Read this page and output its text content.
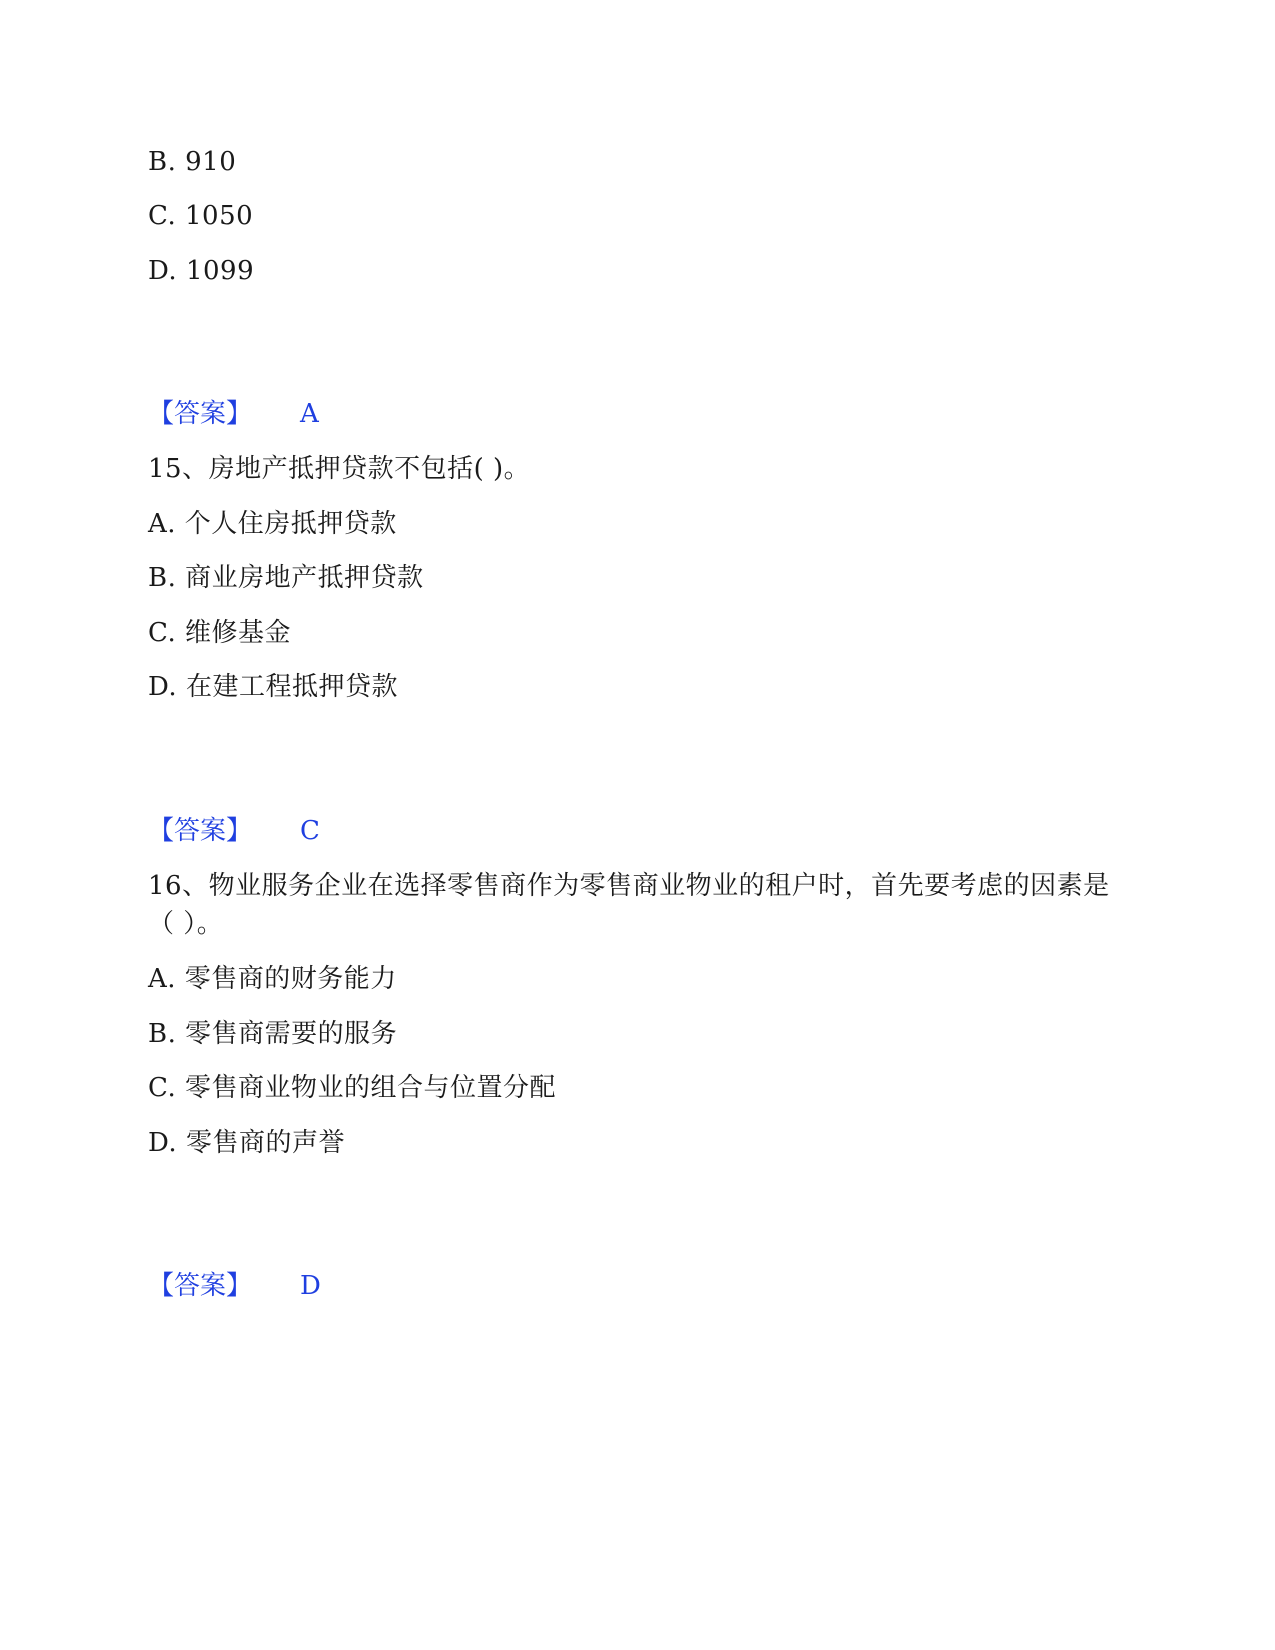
B. 910
C. 1050
D. 1099
【答案】 A
15、房地产抵押贷款不包括( )。
A. 个人住房抵押贷款
B. 商业房地产抵押贷款
C. 维修基金
D. 在建工程抵押贷款
【答案】 C
16、物业服务企业在选择零售商作为零售商业物业的租户时，首先要考虑的因素是（ ）。
A. 零售商的财务能力
B. 零售商需要的服务
C. 零售商业物业的组合与位置分配
D. 零售商的声誉
【答案】 D
